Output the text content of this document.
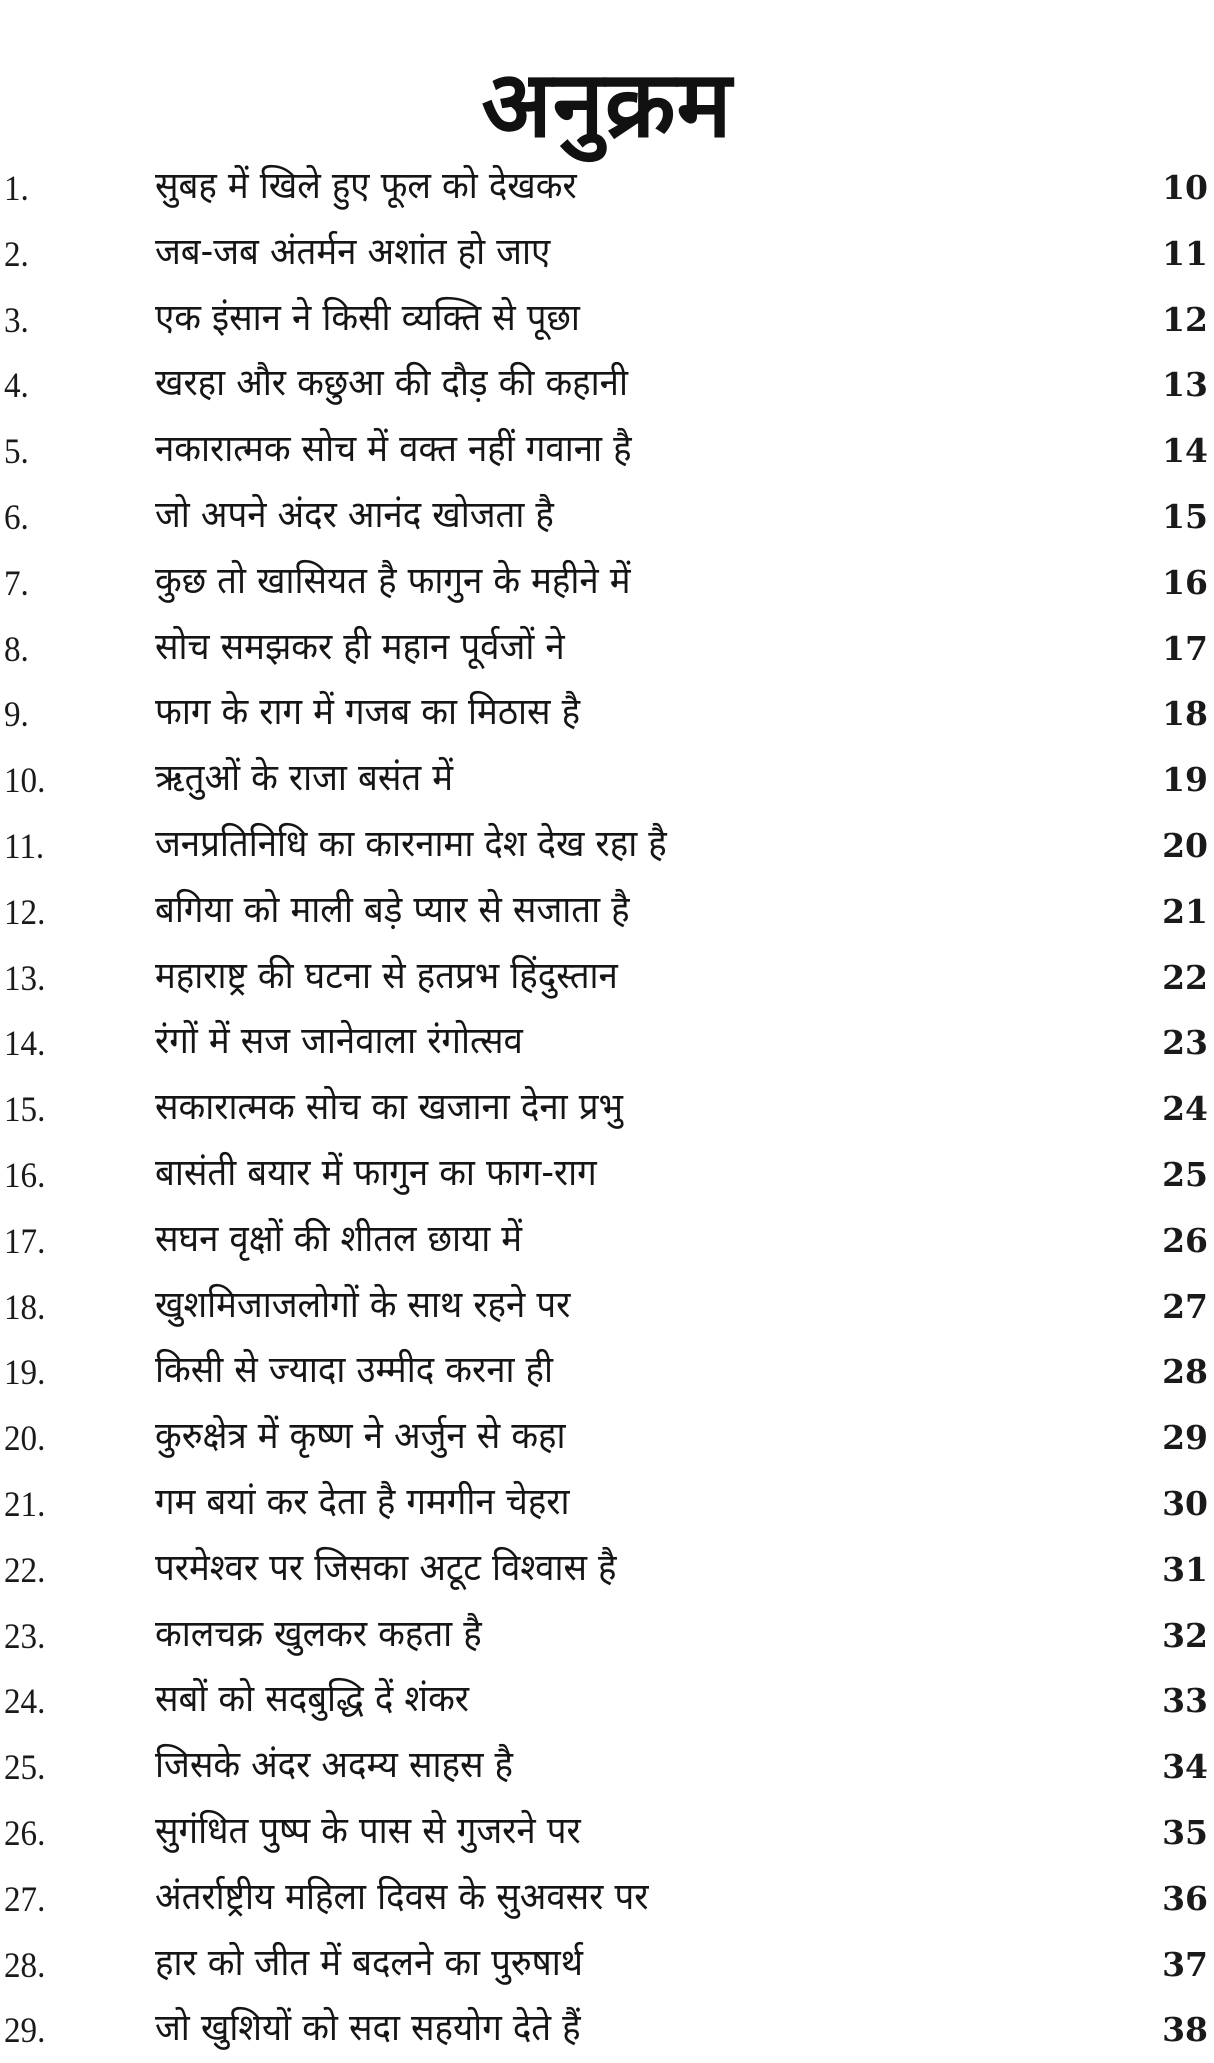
अनुक्रम
1.	सुबह में खिले हुए फूल को देखकर	10
2.	जब-जब अंतर्मन अशांत हो जाए	11
3.	एक इंसान ने किसी व्यक्ति से पूछा	12
4.	खरहा और कछुआ की दौड़ की कहानी	13
5.	नकारात्मक सोच में वक्त नहीं गवाना है	14
6.	जो अपने अंदर आनंद खोजता है	15
7.	कुछ तो खासियत है फागुन के महीने में	16
8.	सोच समझकर ही महान पूर्वजों ने	17
9.	फाग के राग में गजब का मिठास है	18
10.	ऋतुओं के राजा बसंत में	19
11.	जनप्रतिनिधि का कारनामा देश देख रहा है	20
12.	बगिया को माली बड़े प्यार से सजाता है	21
13.	महाराष्ट्र की घटना से हतप्रभ हिंदुस्तान	22
14.	रंगों में सज जानेवाला रंगोत्सव	23
15.	सकारात्मक सोच का खजाना देना प्रभु	24
16.	बासंती बयार में फागुन का फाग-राग	25
17.	सघन वृक्षों की शीतल छाया में	26
18.	खुशमिजाजलोगों के साथ रहने पर	27
19.	किसी से ज्यादा उम्मीद करना ही	28
20.	कुरुक्षेत्र में कृष्ण ने अर्जुन से कहा	29
21.	गम बयां कर देता है गमगीन चेहरा	30
22.	परमेश्वर पर जिसका अटूट विश्वास है	31
23.	कालचक्र खुलकर कहता है	32
24.	सबों को सदबुद्धि दें शंकर	33
25.	जिसके अंदर अदम्य साहस है	34
26.	सुगंधित पुष्प के पास से गुजरने पर	35
27.	अंतर्राष्ट्रीय महिला दिवस के सुअवसर पर	36
28.	हार को जीत में बदलने का पुरुषार्थ	37
29.	जो खुशियों को सदा सहयोग देते हैं	38
